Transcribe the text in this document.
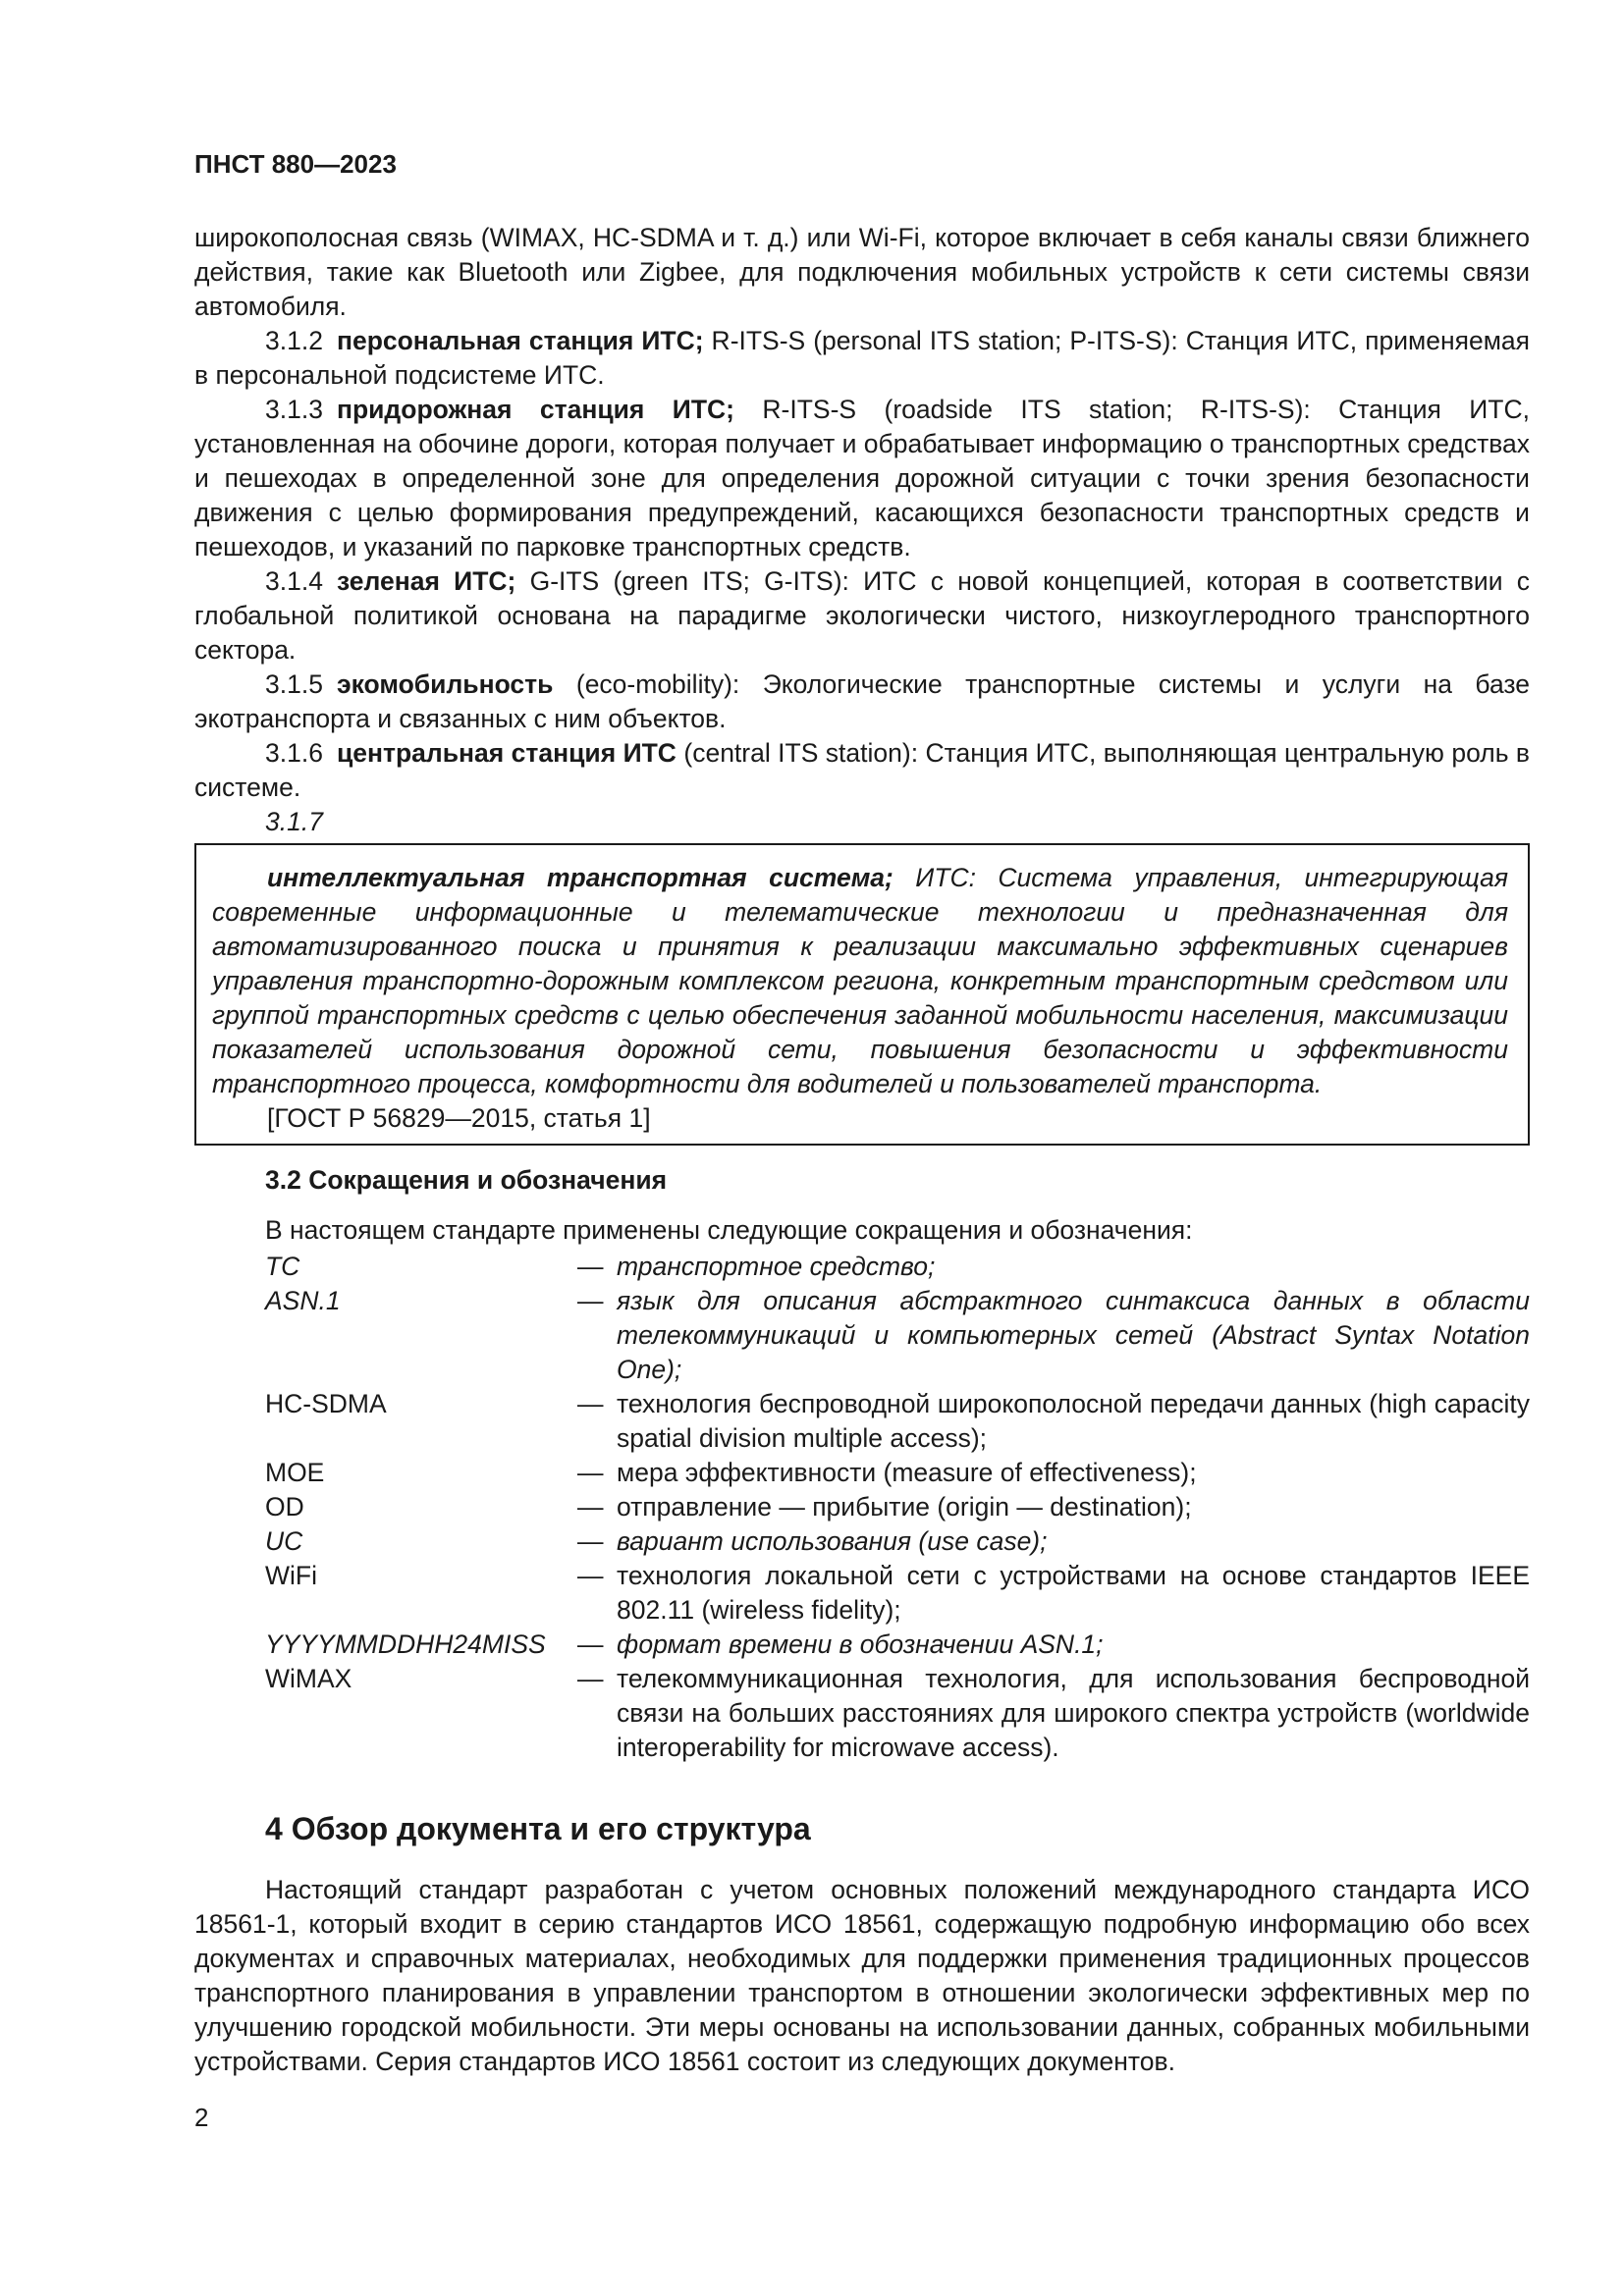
ПНСТ 880—2023

широкополосная связь (WIMAX, HC-SDMA и т. д.) или Wi-Fi, которое включает в себя каналы связи ближнего действия, такие как Bluetooth или Zigbee, для подключения мобильных устройств к сети системы связи автомобиля.

3.1.2 персональная станция ИТС; R-ITS-S (personal ITS station; P-ITS-S): Станция ИТС, применяемая в персональной подсистеме ИТС.

3.1.3 придорожная станция ИТС; R-ITS-S (roadside ITS station; R-ITS-S): Станция ИТС, установленная на обочине дороги, которая получает и обрабатывает информацию о транспортных средствах и пешеходах в определенной зоне для определения дорожной ситуации с точки зрения безопасности движения с целью формирования предупреждений, касающихся безопасности транспортных средств и пешеходов, и указаний по парковке транспортных средств.

3.1.4 зеленая ИТС; G-ITS (green ITS; G-ITS): ИТС с новой концепцией, которая в соответствии с глобальной политикой основана на парадигме экологически чистого, низкоуглеродного транспортного сектора.

3.1.5 экомобильность (eco-mobility): Экологические транспортные системы и услуги на базе экотранспорта и связанных с ним объектов.

3.1.6 центральная станция ИТС (central ITS station): Станция ИТС, выполняющая центральную роль в системе.

3.1.7

интеллектуальная транспортная система; ИТС: Система управления, интегрирующая современные информационные и телематические технологии и предназначенная для автоматизированного поиска и принятия к реализации максимально эффективных сценариев управления транспортно-дорожным комплексом региона, конкретным транспортным средством или группой транспортных средств с целью обеспечения заданной мобильности населения, максимизации показателей использования дорожной сети, повышения безопасности и эффективности транспортного процесса, комфортности для водителей и пользователей транспорта.

[ГОСТ Р 56829—2015, статья 1]
3.2 Сокращения и обозначения
В настоящем стандарте применены следующие сокращения и обозначения:
ТС	— транспортное средство;
ASN.1	— язык для описания абстрактного синтаксиса данных в области телекоммуникаций и компьютерных сетей (Abstract Syntax Notation One);
HC-SDMA	— технология беспроводной широкополосной передачи данных (high capacity spatial division multiple access);
MOE	— мера эффективности (measure of effectiveness);
OD	— отправление — прибытие (origin — destination);
UC	— вариант использования (use case);
WiFi	— технология локальной сети с устройствами на основе стандартов IEEE 802.11 (wireless fidelity);
YYYYMMDDHH24MISS	— формат времени в обозначении ASN.1;
WiMAX	— телекоммуникационная технология, для использования беспроводной связи на больших расстояниях для широкого спектра устройств (worldwide interoperability for microwave access).
4 Обзор документа и его структура

Настоящий стандарт разработан с учетом основных положений международного стандарта ИСО 18561-1, который входит в серию стандартов ИСО 18561, содержащую подробную информацию обо всех документах и справочных материалах, необходимых для поддержки применения традиционных процессов транспортного планирования в управлении транспортом в отношении экологически эффективных мер по улучшению городской мобильности. Эти меры основаны на использовании данных, собранных мобильными устройствами. Серия стандартов ИСО 18561 состоит из следующих документов.

2
